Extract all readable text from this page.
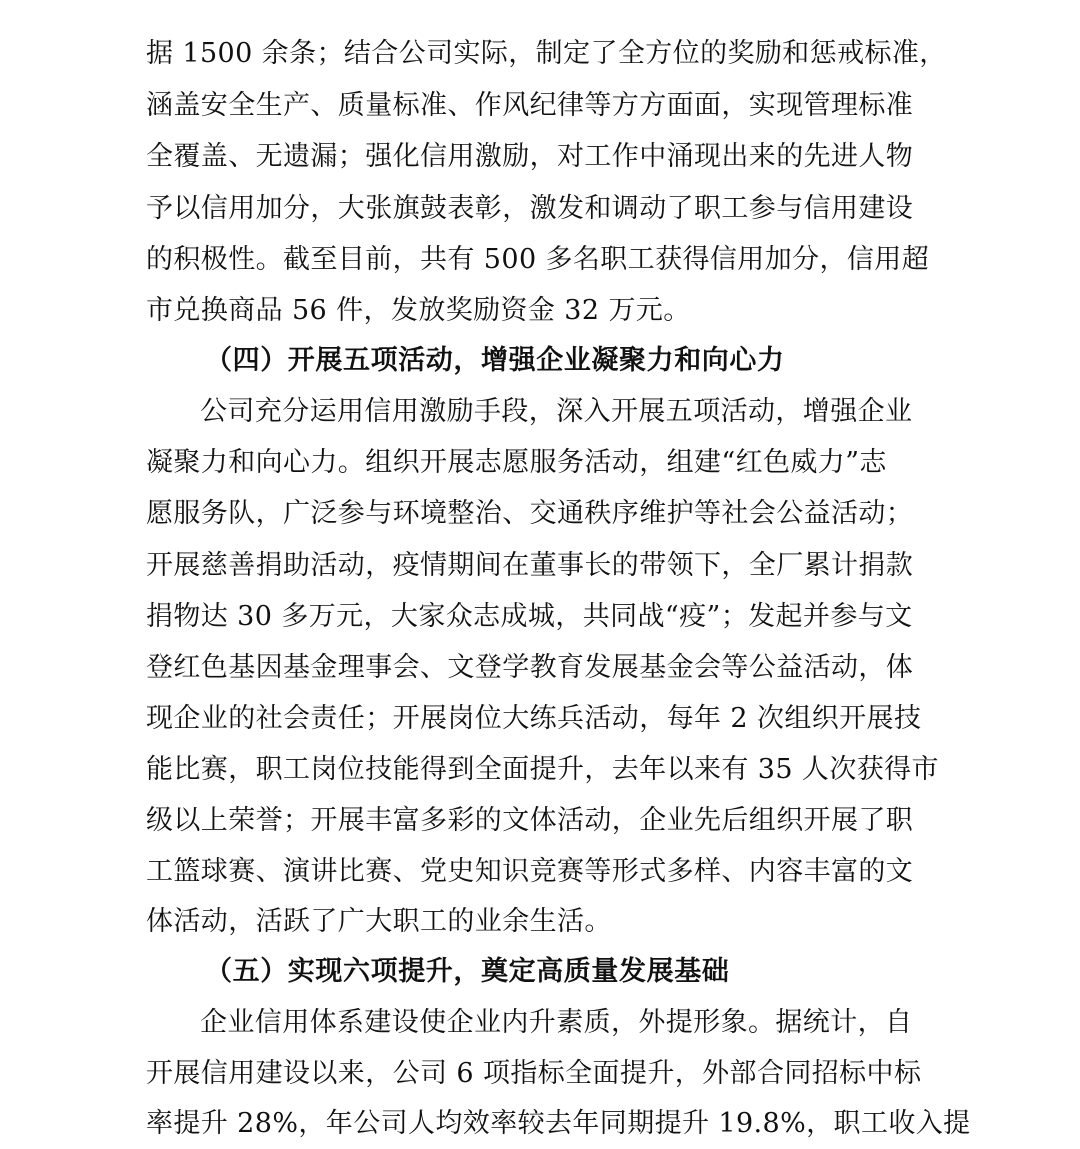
据 1500 余条；结合公司实际，制定了全方位的奖励和惩戒标准，
涵盖安全生产、质量标准、作风纪律等方方面面，实现管理标准
全覆盖、无遗漏；强化信用激励，对工作中涌现出来的先进人物
予以信用加分，大张旗鼓表彰，激发和调动了职工参与信用建设
的积极性。截至目前，共有 500 多名职工获得信用加分，信用超
市兑换商品 56 件，发放奖励资金 32 万元。
（四）开展五项活动，增强企业凝聚力和向心力
公司充分运用信用激励手段，深入开展五项活动，增强企业
凝聚力和向心力。组织开展志愿服务活动，组建“红色威力”志
愿服务队，广泛参与环境整治、交通秩序维护等社会公益活动；
开展慈善捐助活动，疫情期间在董事长的带领下，全厂累计捐款
捐物达 30 多万元，大家众志成城，共同战“疫”；发起并参与文
登红色基因基金理事会、文登学教育发展基金会等公益活动，体
现企业的社会责任；开展岗位大练兵活动，每年 2 次组织开展技
能比赛，职工岗位技能得到全面提升，去年以来有 35 人次获得市
级以上荣誉；开展丰富多彩的文体活动，企业先后组织开展了职
工篮球赛、演讲比赛、党史知识竞赛等形式多样、内容丰富的文
体活动，活跃了广大职工的业余生活。
（五）实现六项提升，奠定高质量发展基础
企业信用体系建设使企业内升素质，外提形象。据统计，自
开展信用建设以来，公司 6 项指标全面提升，外部合同招标中标
率提升 28%，年公司人均效率较去年同期提升 19.8%，职工收入提
